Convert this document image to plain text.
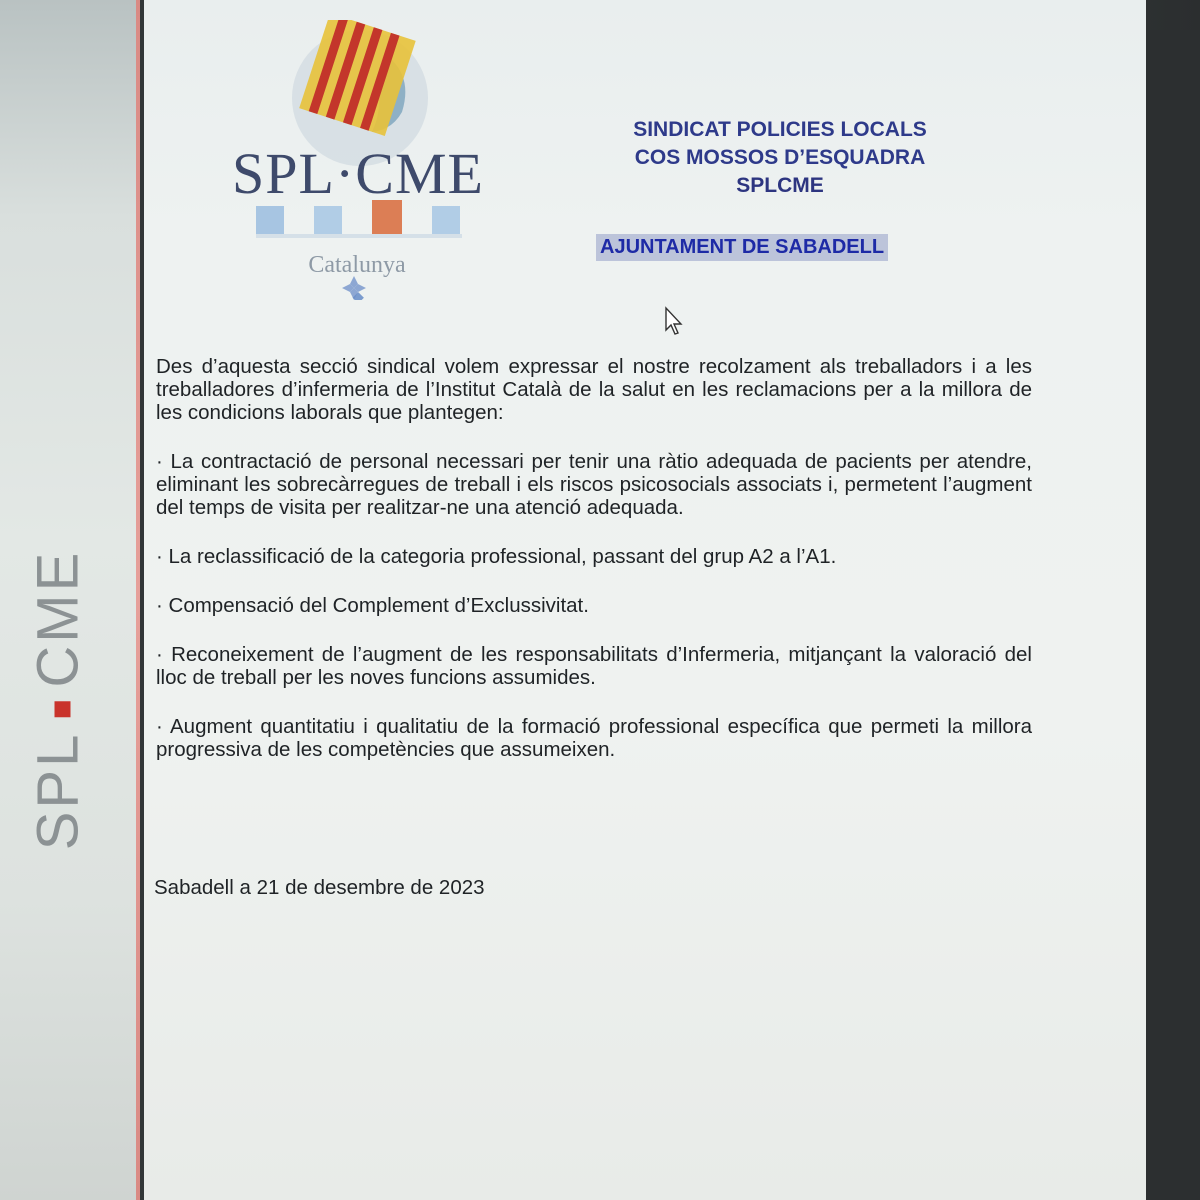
SPLCME
SPL·CME
Catalunya
SINDICAT POLICIES LOCALS
COS MOSSOS D’ESQUADRA
SPLCME
AJUNTAMENT DE SABADELL

Des d’aquesta secció sindical volem expressar el nostre recolzament als treballadors i a les treballadores d’infermeria de l’Institut Català de la salut en les reclamacions per a la millora de les condicions laborals que plantegen:

· La contractació de personal necessari per tenir una ràtio adequada de pacients per atendre, eliminant les sobrecàrregues de treball i els riscos psicosocials associats i, permetent l’augment del temps de visita per realitzar-ne una atenció adequada.

· La reclassificació de la categoria professional, passant del grup A2 a l’A1.

· Compensació del Complement d’Exclussivitat.

· Reconeixement de l’augment de les responsabilitats d’Infermeria, mitjançant la valoració del lloc de treball per les noves funcions assumides.

· Augment quantitatiu i qualitatiu de la formació professional específica que permeti la millora progressiva de les competències que assumeixen.

Sabadell a 21 de desembre de 2023
